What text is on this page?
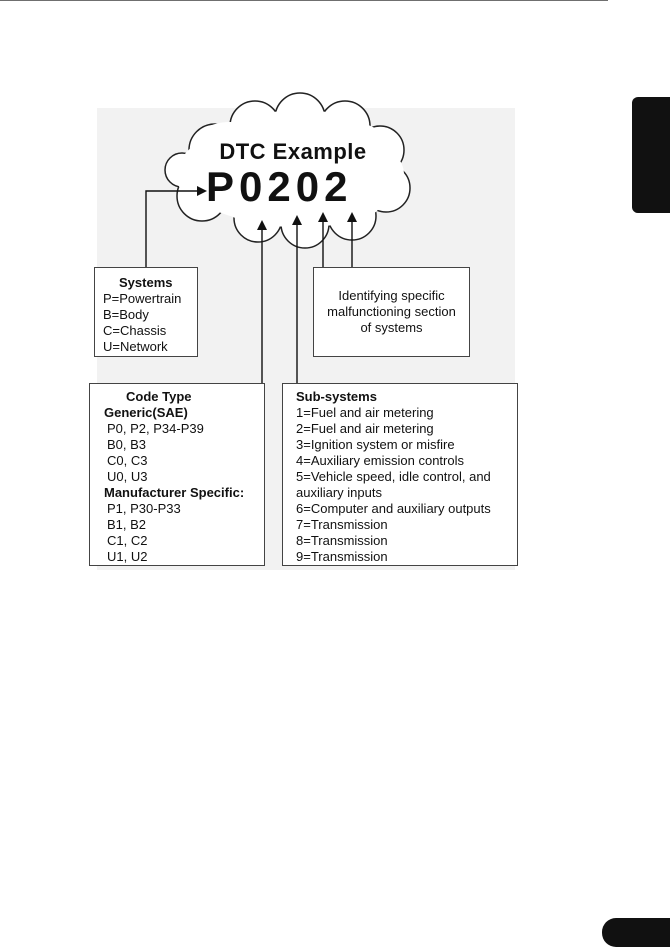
DTC Example
P0202
Systems
P=Powertrain
B=Body
C=Chassis
U=Network
Identifying specific
malfunctioning section
of systems
Code Type
Generic(SAE)
P0, P2, P34-P39
B0, B3
C0, C3
U0, U3
Manufacturer Specific:
P1, P30-P33
B1, B2
C1, C2
U1, U2
Sub-systems
1=Fuel and air metering
2=Fuel and air metering
3=Ignition system or misfire
4=Auxiliary emission controls
5=Vehicle speed, idle control, and
auxiliary inputs
6=Computer and auxiliary outputs
7=Transmission
8=Transmission
9=Transmission
